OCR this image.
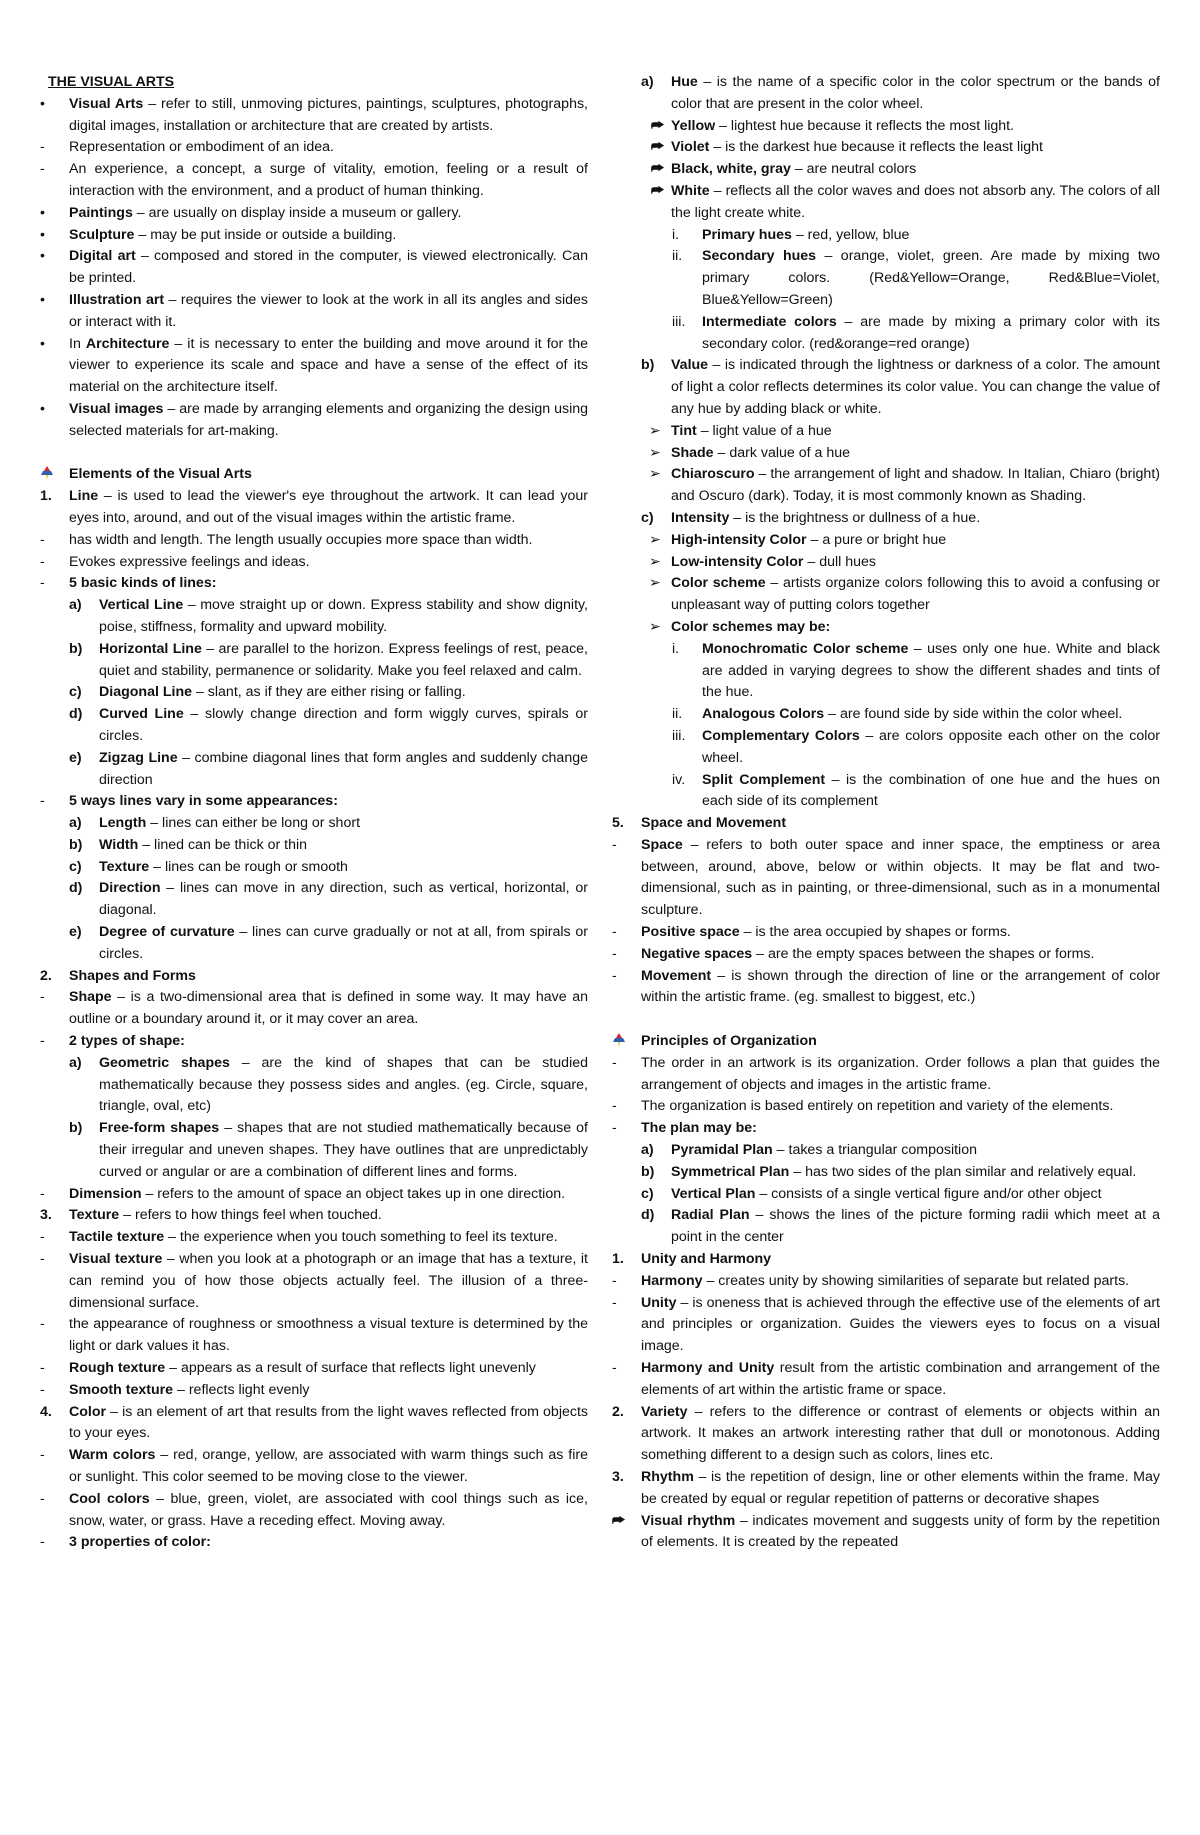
THE VISUAL ARTS
• Visual Arts – refer to still, unmoving pictures, paintings, sculptures, photographs, digital images, installation or architecture that are created by artists.
- Representation or embodiment of an idea.
- An experience, a concept, a surge of vitality, emotion, feeling or a result of interaction with the environment, and a product of human thinking.
• Paintings – are usually on display inside a museum or gallery.
• Sculpture – may be put inside or outside a building.
• Digital art – composed and stored in the computer, is viewed electronically. Can be printed.
• Illustration art – requires the viewer to look at the work in all its angles and sides or interact with it.
• In Architecture – it is necessary to enter the building and move around it for the viewer to experience its scale and space and have a sense of the effect of its material on the architecture itself.
• Visual images – are made by arranging elements and organizing the design using selected materials for art-making.
Elements of the Visual Arts
1. Line – is used to lead the viewer's eye throughout the artwork. It can lead your eyes into, around, and out of the visual images within the artistic frame.
- has width and length. The length usually occupies more space than width.
- Evokes expressive feelings and ideas.
- 5 basic kinds of lines:
a) Vertical Line – move straight up or down. Express stability and show dignity, poise, stiffness, formality and upward mobility.
b) Horizontal Line – are parallel to the horizon. Express feelings of rest, peace, quiet and stability, permanence or solidarity. Make you feel relaxed and calm.
c) Diagonal Line – slant, as if they are either rising or falling.
d) Curved Line – slowly change direction and form wiggly curves, spirals or circles.
e) Zigzag Line – combine diagonal lines that form angles and suddenly change direction
- 5 ways lines vary in some appearances:
a) Length – lines can either be long or short
b) Width – lined can be thick or thin
c) Texture – lines can be rough or smooth
d) Direction – lines can move in any direction, such as vertical, horizontal, or diagonal.
e) Degree of curvature – lines can curve gradually or not at all, from spirals or circles.
2. Shapes and Forms
- Shape – is a two-dimensional area that is defined in some way. It may have an outline or a boundary around it, or it may cover an area.
- 2 types of shape:
a) Geometric shapes – are the kind of shapes that can be studied mathematically because they possess sides and angles. (eg. Circle, square, triangle, oval, etc)
b) Free-form shapes – shapes that are not studied mathematically because of their irregular and uneven shapes. They have outlines that are unpredictably curved or angular or are a combination of different lines and forms.
- Dimension – refers to the amount of space an object takes up in one direction.
3. Texture – refers to how things feel when touched.
- Tactile texture – the experience when you touch something to feel its texture.
- Visual texture – when you look at a photograph or an image that has a texture, it can remind you of how those objects actually feel. The illusion of a three-dimensional surface.
- the appearance of roughness or smoothness a visual texture is determined by the light or dark values it has.
- Rough texture – appears as a result of surface that reflects light unevenly
- Smooth texture – reflects light evenly
4. Color – is an element of art that results from the light waves reflected from objects to your eyes.
- Warm colors – red, orange, yellow, are associated with warm things such as fire or sunlight. This color seemed to be moving close to the viewer.
- Cool colors – blue, green, violet, are associated with cool things such as ice, snow, water, or grass. Have a receding effect. Moving away.
- 3 properties of color:
a) Hue – is the name of a specific color in the color spectrum or the bands of color that are present in the color wheel.
⮫ Yellow – lightest hue because it reflects the most light.
⮫ Violet – is the darkest hue because it reflects the least light
⮫ Black, white, gray – are neutral colors
⮫ White – reflects all the color waves and does not absorb any. The colors of all the light create white.
i. Primary hues – red, yellow, blue
ii. Secondary hues – orange, violet, green. Are made by mixing two primary colors. (Red&Yellow=Orange, Red&Blue=Violet, Blue&Yellow=Green)
iii. Intermediate colors – are made by mixing a primary color with its secondary color. (red&orange=red orange)
b) Value – is indicated through the lightness or darkness of a color. The amount of light a color reflects determines its color value. You can change the value of any hue by adding black or white.
➢ Tint – light value of a hue
➢ Shade – dark value of a hue
➢ Chiaroscuro – the arrangement of light and shadow. In Italian, Chiaro (bright) and Oscuro (dark). Today, it is most commonly known as Shading.
c) Intensity – is the brightness or dullness of a hue.
➢ High-intensity Color – a pure or bright hue
➢ Low-intensity Color – dull hues
➢ Color scheme – artists organize colors following this to avoid a confusing or unpleasant way of putting colors together
➢ Color schemes may be:
i. Monochromatic Color scheme – uses only one hue. White and black are added in varying degrees to show the different shades and tints of the hue.
ii. Analogous Colors – are found side by side within the color wheel.
iii. Complementary Colors – are colors opposite each other on the color wheel.
iv. Split Complement – is the combination of one hue and the hues on each side of its complement
5. Space and Movement
- Space – refers to both outer space and inner space, the emptiness or area between, around, above, below or within objects. It may be flat and two-dimensional, such as in painting, or three-dimensional, such as in a monumental sculpture.
- Positive space – is the area occupied by shapes or forms.
- Negative spaces – are the empty spaces between the shapes or forms.
- Movement – is shown through the direction of line or the arrangement of color within the artistic frame. (eg. smallest to biggest, etc.)
Principles of Organization
- The order in an artwork is its organization. Order follows a plan that guides the arrangement of objects and images in the artistic frame.
- The organization is based entirely on repetition and variety of the elements.
- The plan may be:
a) Pyramidal Plan – takes a triangular composition
b) Symmetrical Plan – has two sides of the plan similar and relatively equal.
c) Vertical Plan – consists of a single vertical figure and/or other object
d) Radial Plan – shows the lines of the picture forming radii which meet at a point in the center
1. Unity and Harmony
- Harmony – creates unity by showing similarities of separate but related parts.
- Unity – is oneness that is achieved through the effective use of the elements of art and principles or organization. Guides the viewers eyes to focus on a visual image.
- Harmony and Unity result from the artistic combination and arrangement of the elements of art within the artistic frame or space.
2. Variety – refers to the difference or contrast of elements or objects within an artwork. It makes an artwork interesting rather that dull or monotonous. Adding something different to a design such as colors, lines etc.
3. Rhythm – is the repetition of design, line or other elements within the frame. May be created by equal or regular repetition of patterns or decorative shapes
⮫ Visual rhythm – indicates movement and suggests unity of form by the repetition of elements. It is created by the repeated
